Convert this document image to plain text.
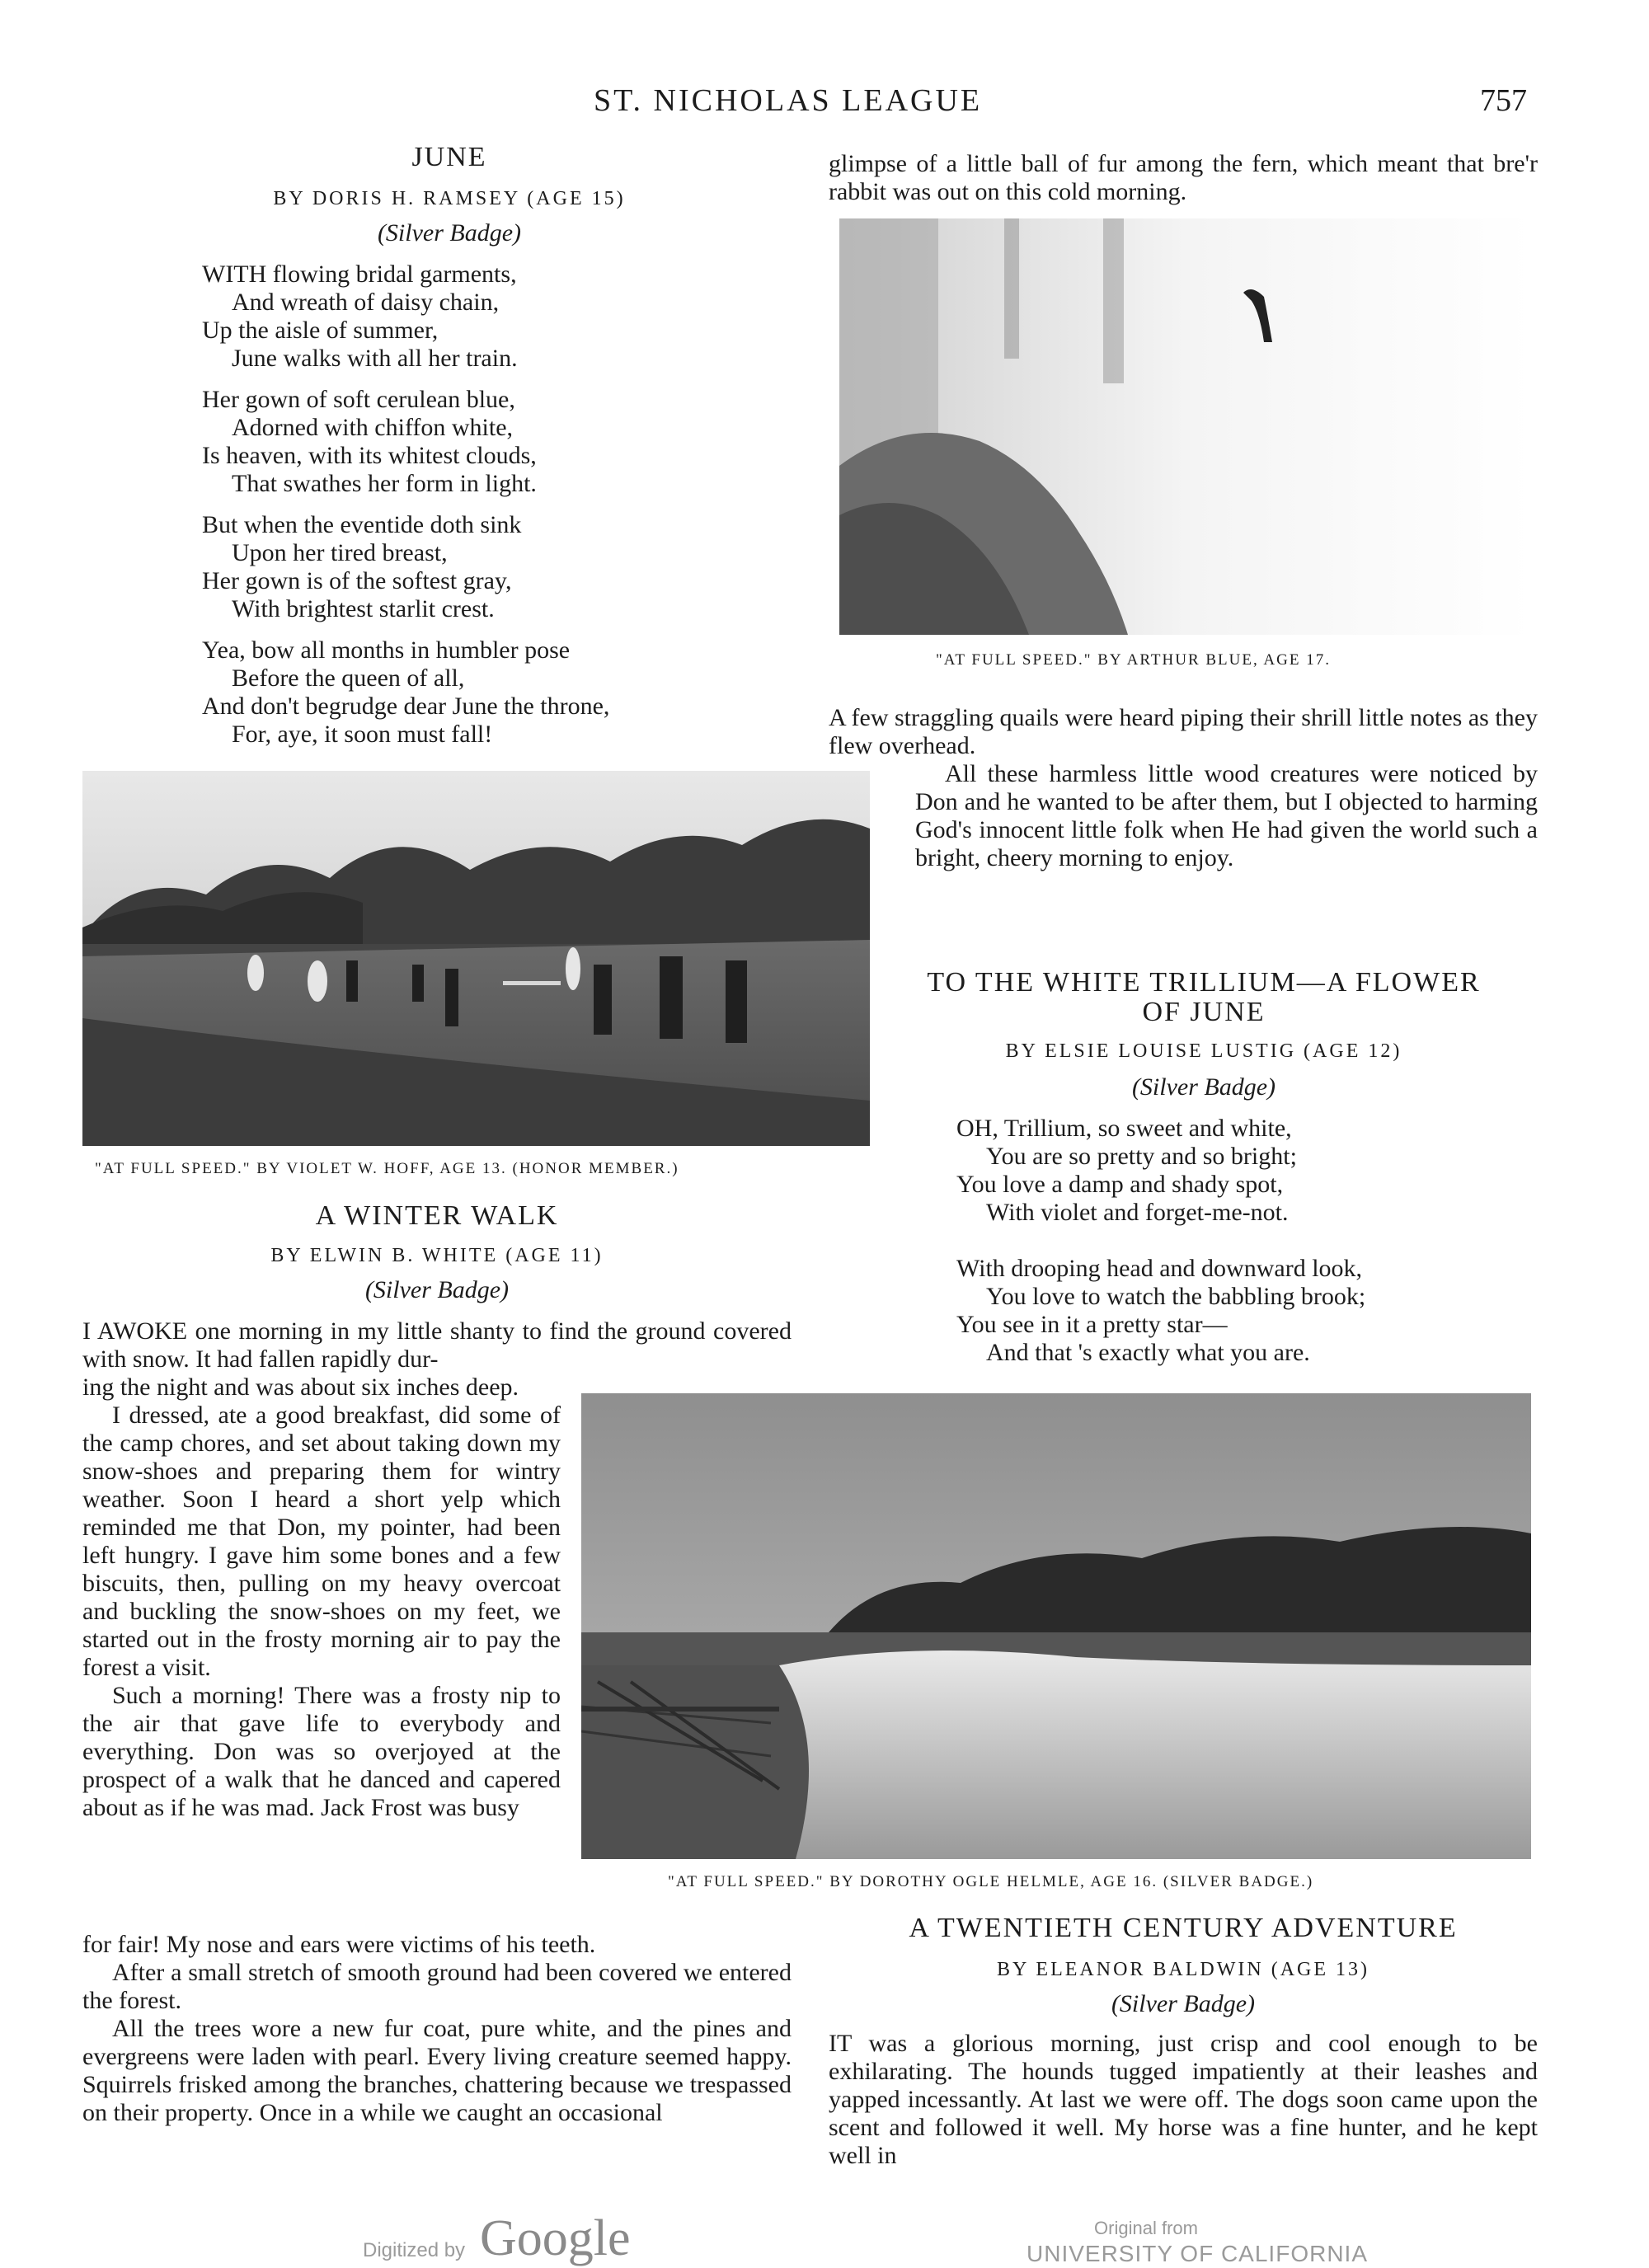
ST. NICHOLAS LEAGUE	757
JUNE
BY DORIS H. RAMSEY (AGE 15)
(Silver Badge)
WITH flowing bridal garments,
And wreath of daisy chain,
Up the aisle of summer,
June walks with all her train.
Her gown of soft cerulean blue,
Adorned with chiffon white,
Is heaven, with its whitest clouds,
That swathes her form in light.
But when the eventide doth sink
Upon her tired breast,
Her gown is of the softest gray,
With brightest starlit crest.
Yea, bow all months in humbler pose
Before the queen of all,
And don't begrudge dear June the throne,
For, aye, it soon must fall!
"AT FULL SPEED." BY VIOLET W. HOFF, AGE 13. (HONOR MEMBER.)
A WINTER WALK
BY ELWIN B. WHITE (AGE 11)
(Silver Badge)
I AWOKE one morning in my little shanty to find the ground covered with snow. It had fallen rapidly dur-

ing the night and was about six inches deep.

I dressed, ate a good breakfast, did some of the camp chores, and set about taking down my snow-shoes and preparing them for wintry weather. Soon I heard a short yelp which reminded me that Don, my pointer, had been left hungry. I gave him some bones and a few biscuits, then, pulling on my heavy overcoat and buckling the snow-shoes on my feet, we started out in the frosty morning air to pay the forest a visit.

Such a morning! There was a frosty nip to the air that gave life to everybody and everything. Don was so overjoyed at the prospect of a walk that he danced and capered about as if he was mad. Jack Frost was busy

for fair! My nose and ears were victims of his teeth.

After a small stretch of smooth ground had been covered we entered the forest.

All the trees wore a new fur coat, pure white, and the pines and evergreens were laden with pearl. Every living creature seemed happy. Squirrels frisked among the branches, chattering because we trespassed on their property. Once in a while we caught an occasional

glimpse of a little ball of fur among the fern, which meant that bre'r rabbit was out on this cold morning.
"AT FULL SPEED." BY ARTHUR BLUE, AGE 17.

A few straggling quails were heard piping their shrill little notes as they flew overhead.

All these harmless little wood creatures were noticed by Don and he wanted to be after them, but I objected to harming God's innocent little folk when He had given the world such a bright, cheery morning to enjoy.

TO THE WHITE TRILLIUM—A FLOWER
OF JUNE
BY ELSIE LOUISE LUSTIG (AGE 12)
(Silver Badge)
OH, Trillium, so sweet and white,
You are so pretty and so bright;
You love a damp and shady spot,
With violet and forget-me-not.
With drooping head and downward look,
You love to watch the babbling brook;
You see in it a pretty star—
And that 's exactly what you are.
"AT FULL SPEED." BY DOROTHY OGLE HELMLE, AGE 16. (SILVER BADGE.)
A TWENTIETH CENTURY ADVENTURE
BY ELEANOR BALDWIN (AGE 13)
(Silver Badge)
IT was a glorious morning, just crisp and cool enough to be exhilarating. The hounds tugged impatiently at their leashes and yapped incessantly. At last we were off. The dogs soon came upon the scent and followed it well. My horse was a fine hunter, and he kept well in
Digitized by Google	Original from
UNIVERSITY OF CALIFORNIA
